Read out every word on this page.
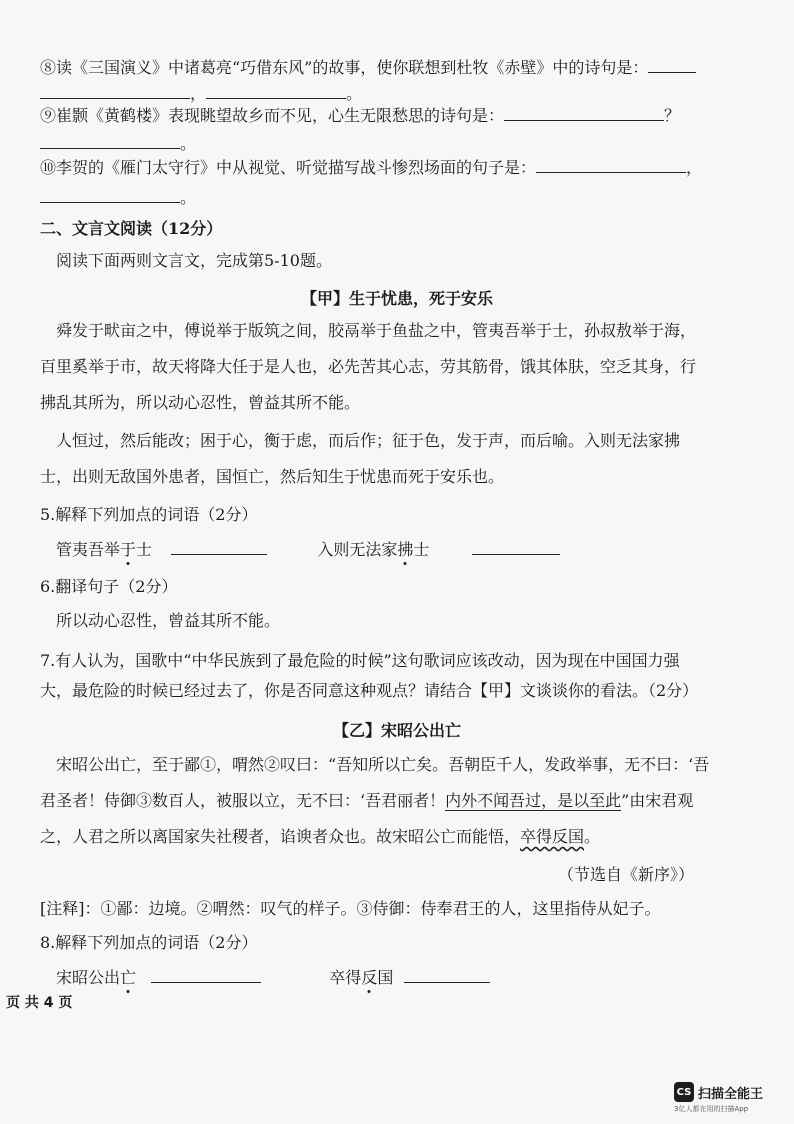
⑧读《三国演义》中诸葛亮“巧借东风”的故事，使你联想到杜牧《赤壁》中的诗句是：
，	。
⑨崔颢《黄鹤楼》表现眺望故乡而不见，心生无限愁思的诗句是：	？
。
⑩李贺的《雁门太守行》中从视觉、听觉描写战斗惨烈场面的句子是：	，
。
二、文言文阅读（12分）
阅读下面两则文言文，完成第5-10题。
【甲】生于忧患，死于安乐
舜发于畎亩之中，傅说举于版筑之间，胶鬲举于鱼盐之中，管夷吾举于士，孙叔敖举于海，
百里奚举于市，故天将降大任于是人也，必先苦其心志，劳其筋骨，饿其体肤，空乏其身，行
拂乱其所为，所以动心忍性，曾益其所不能。
人恒过，然后能改；困于心，衡于虑，而后作；征于色，发于声，而后喻。入则无法家拂
士，出则无敌国外患者，国恒亡，然后知生于忧患而死于安乐也。
5.解释下列加点的词语（2分）
管夷吾举于士	入则无法家拂士
6.翻译句子（2分）
所以动心忍性，曾益其所不能。
7.有人认为，国歌中“中华民族到了最危险的时候”这句歌词应该改动，因为现在中国国力强
大，最危险的时候已经过去了，你是否同意这种观点？请结合【甲】文谈谈你的看法。（2分）
【乙】宋昭公出亡
宋昭公出亡，至于鄙①，喟然②叹曰：“吾知所以亡矣。吾朝臣千人，发政举事，无不曰：‘吾
君圣者！侍御③数百人，被服以立，无不曰：‘吾君丽者！内外不闻吾过，是以至此”由宋君观
之，人君之所以离国家失社稷者，谄谀者众也。故宋昭公亡而能悟，卒得反国。
（节选自《新序》）
[注释]：①鄙：边境。②喟然：叹气的样子。③侍御：侍奉君王的人，这里指侍从妃子。
8.解释下列加点的词语（2分）
宋昭公出亡	卒得反国
页 共 4 页
CS 扫描全能王
3亿人都在用的扫描App
